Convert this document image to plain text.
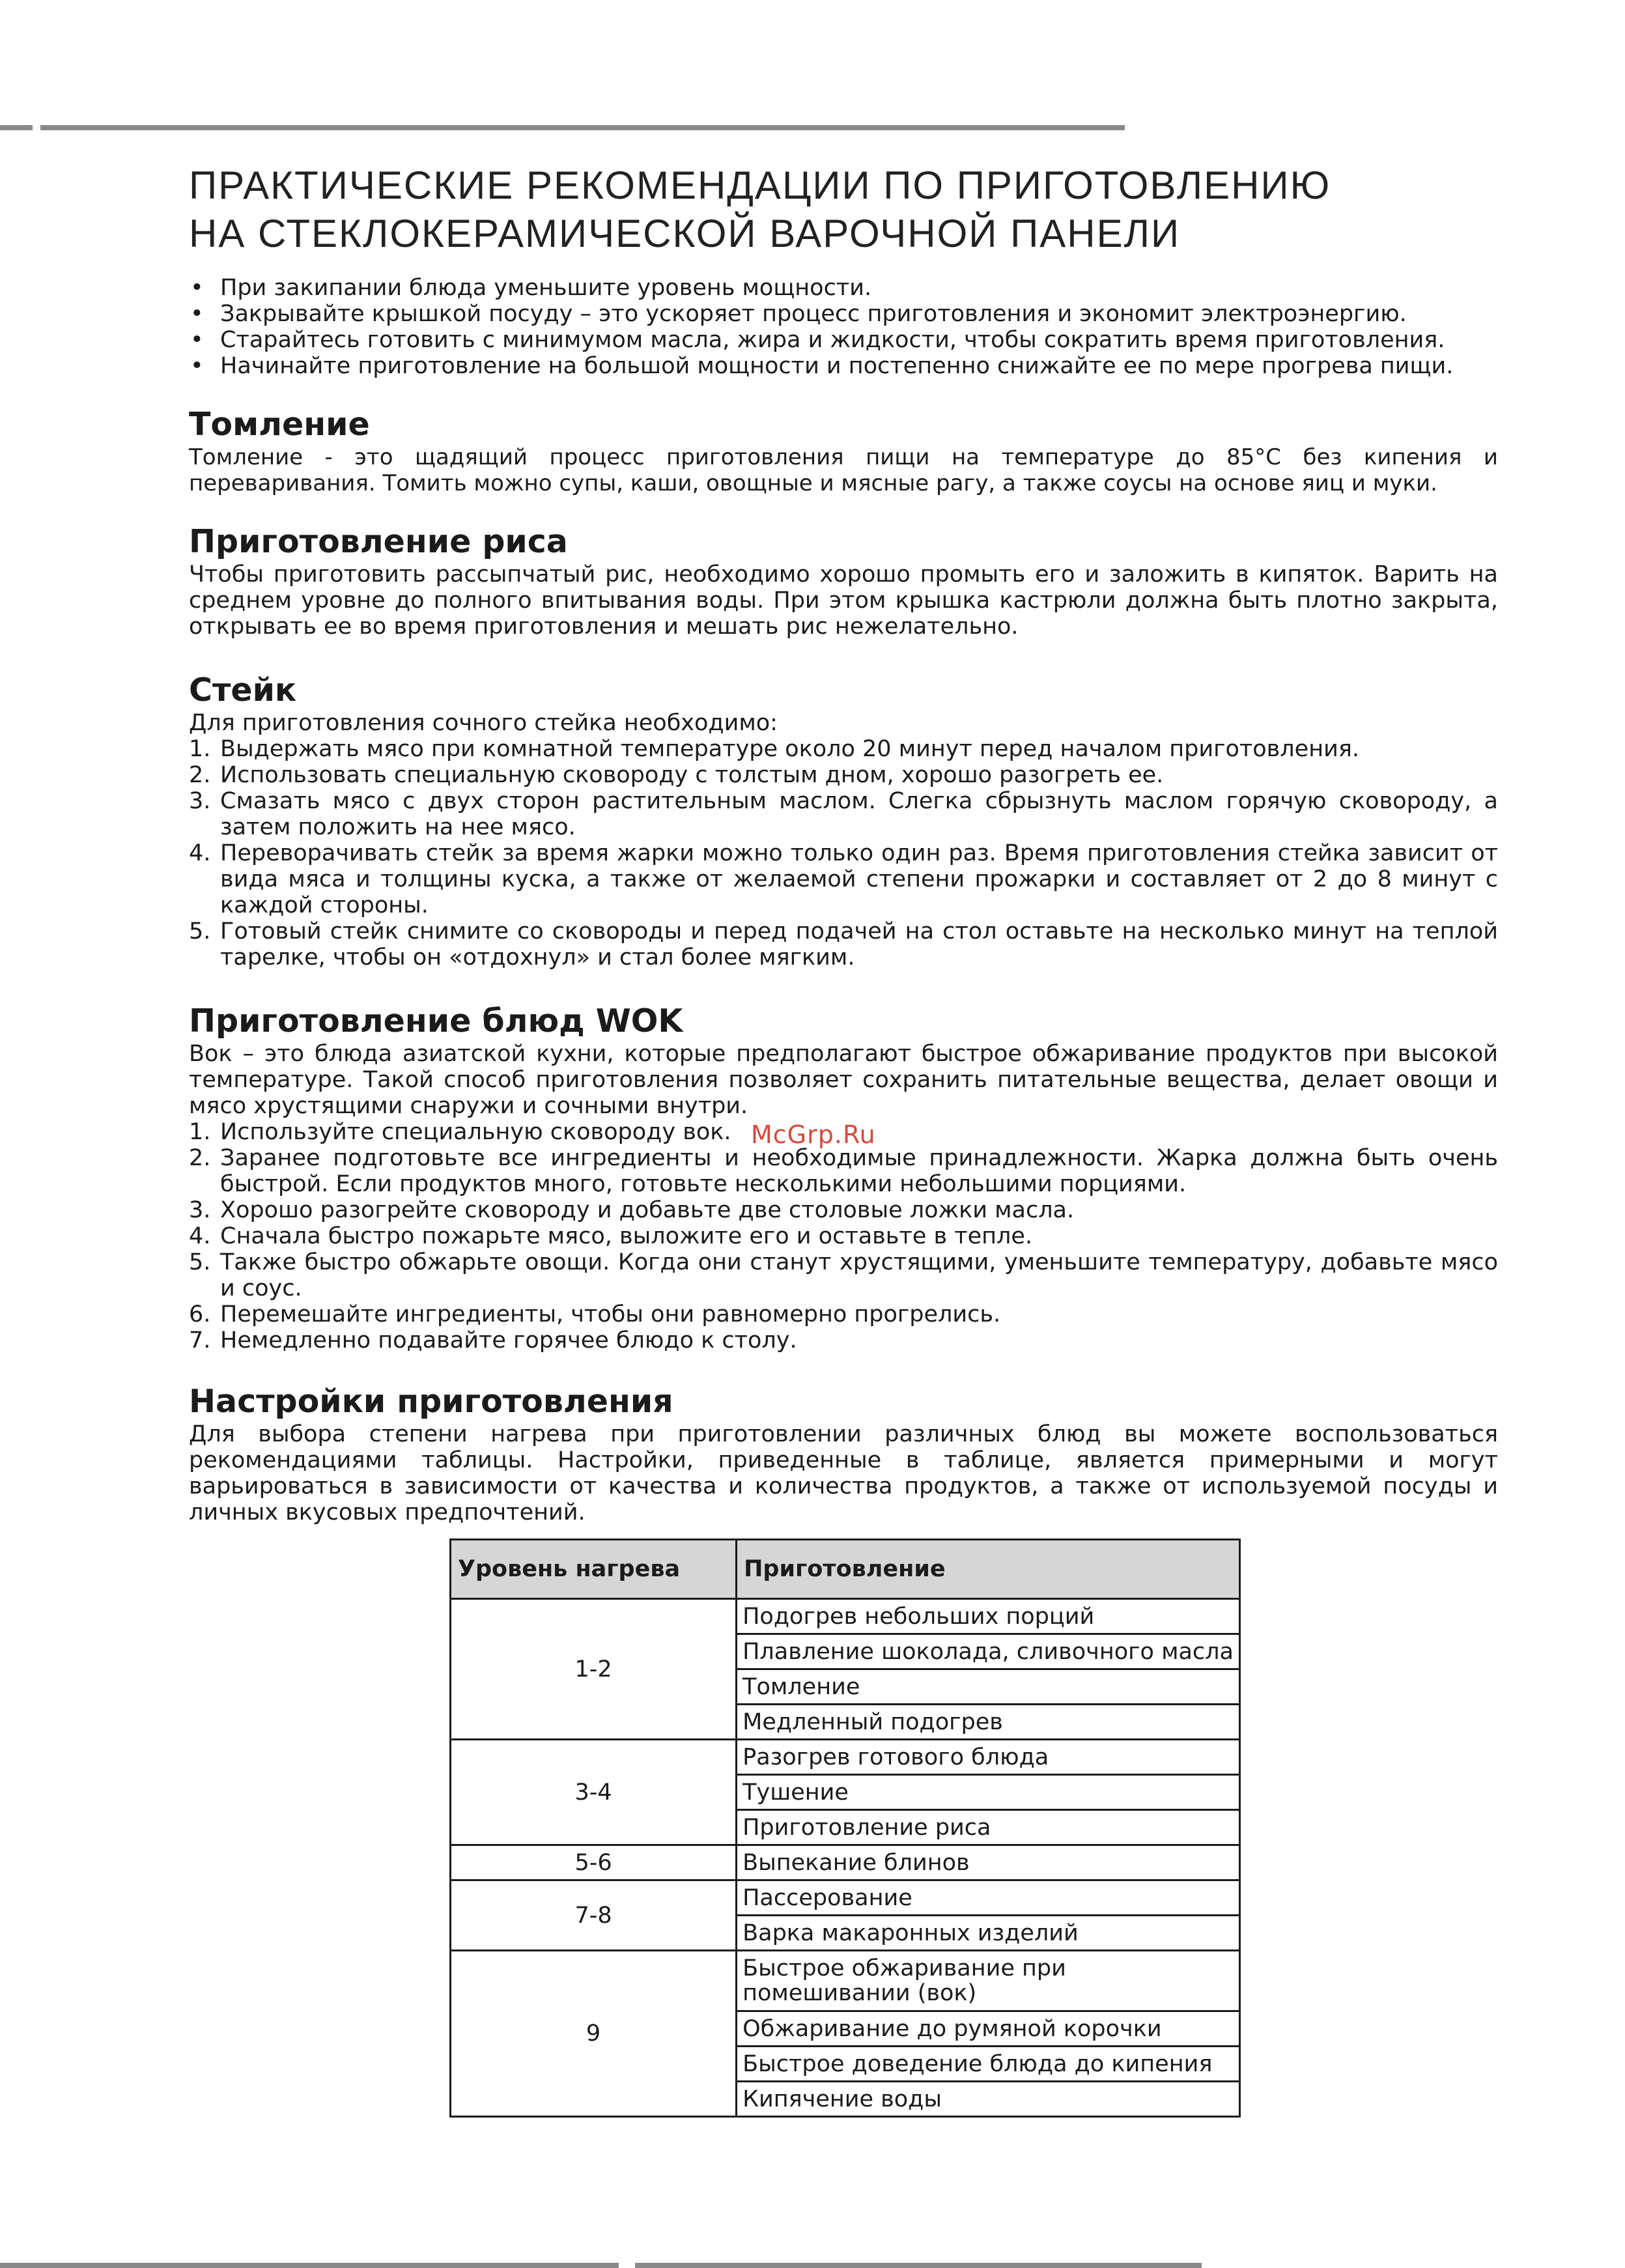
ПРАКТИЧЕСКИЕ РЕКОМЕНДАЦИИ ПО ПРИГОТОВЛЕНИЮ
НА СТЕКЛОКЕРАМИЧЕСКОЙ ВАРОЧНОЙ ПАНЕЛИ
• При закипании блюда уменьшите уровень мощности.
• Закрывайте крышкой посуду – это ускоряет процесс приготовления и экономит электроэнергию.
• Старайтесь готовить с минимумом масла, жира и жидкости, чтобы сократить время приготовления.
• Начинайте приготовление на большой мощности и постепенно снижайте ее по мере прогрева пищи.
Томление

Томление - это щадящий процесс приготовления пищи на температуре до 85°С без кипения и переваривания. Томить можно супы, каши, овощные и мясные рагу, а также соусы на основе яиц и муки.

Приготовление риса

Чтобы приготовить рассыпчатый рис, необходимо хорошо промыть его и заложить в кипяток. Варить на среднем уровне до полного впитывания воды. При этом крышка кастрюли должна быть плотно закрыта, открывать ее во время приготовления и мешать рис нежелательно.

Стейк

Для приготовления сочного стейка необходимо:

1. Выдержать мясо при комнатной температуре около 20 минут перед началом приготовления.
2. Использовать специальную сковороду с толстым дном, хорошо разогреть ее.
3. Смазать мясо с двух сторон растительным маслом. Слегка сбрызнуть маслом горячую сковороду, а затем положить на нее мясо.
4. Переворачивать стейк за время жарки можно только один раз. Время приготовления стейка зависит от вида мяса и толщины куска, а также от желаемой степени прожарки и составляет от 2 до 8 минут с каждой стороны.
5. Готовый стейк снимите со сковороды и перед подачей на стол оставьте на несколько минут на теплой тарелке, чтобы он «отдохнул» и стал более мягким.
Приготовление блюд WOK

Вок – это блюда азиатской кухни, которые предполагают быстрое обжаривание продуктов при высокой температуре. Такой способ приготовления позволяет сохранить питательные вещества, делает овощи и мясо хрустящими снаружи и сочными внутри.

1. Используйте специальную сковороду вок.
2. Заранее подготовьте все ингредиенты и необходимые принадлежности. Жарка должна быть очень быстрой. Если продуктов много, готовьте несколькими небольшими порциями.
3. Хорошо разогрейте сковороду и добавьте две столовые ложки масла.
4. Сначала быстро пожарьте мясо, выложите его и оставьте в тепле.
5. Также быстро обжарьте овощи. Когда они станут хрустящими, уменьшите температуру, добавьте мясо и соус.
6. Перемешайте ингредиенты, чтобы они равномерно прогрелись.
7. Немедленно подавайте горячее блюдо к столу.
Настройки приготовления

Для выбора степени нагрева при приготовлении различных блюд вы можете воспользоваться рекомендациями таблицы. Настройки, приведенные в таблице, является примерными и могут варьироваться в зависимости от качества и количества продуктов, а также от используемой посуды и личных вкусовых предпочтений.

McGrp.Ru
Уровень нагрева	Приготовление
1-2	Подогрев небольших порций
	Плавление шоколада, сливочного масла
	Томление
	Медленный подогрев
3-4	Разогрев готового блюда
	Тушение
	Приготовление риса
5-6	Выпекание блинов
7-8	Пассерование
	Варка макаронных изделий
9	Быстрое обжаривание при помешивании (вок)
	Обжаривание до румяной корочки
	Быстрое доведение блюда до кипения
	Кипячение воды
